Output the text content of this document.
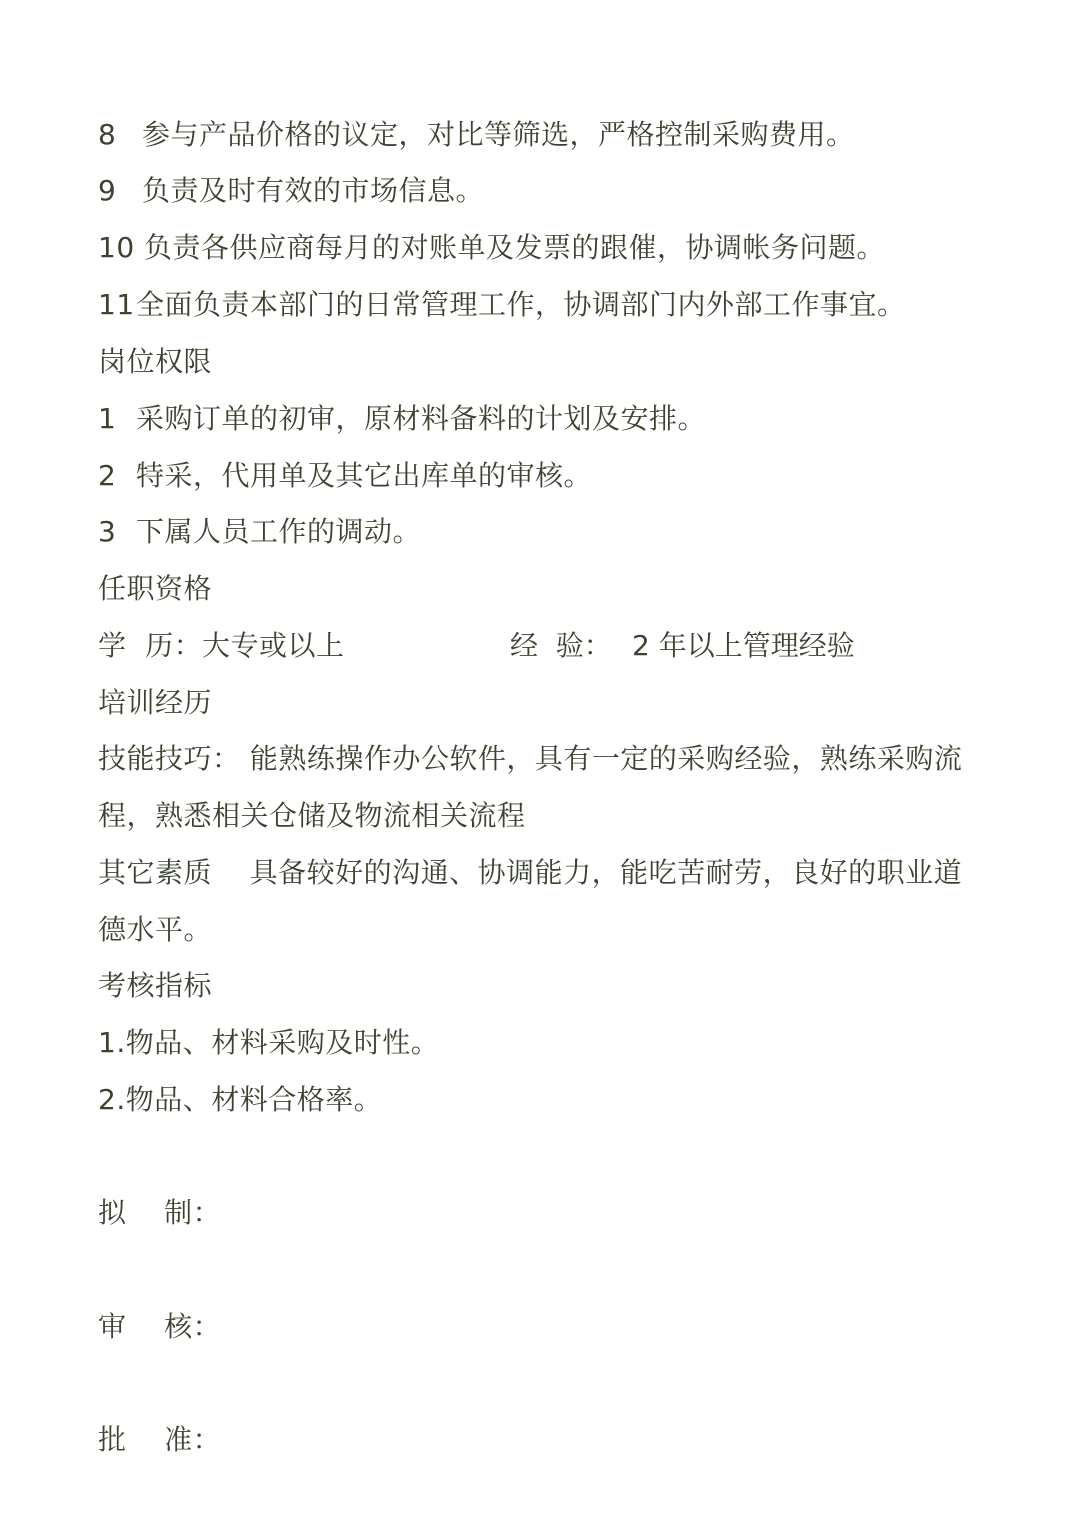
8 参与产品价格的议定，对比等筛选，严格控制采购费用。
9 负责及时有效的市场信息。
10 负责各供应商每月的对账单及发票的跟催，协调帐务问题。
11全面负责本部门的日常管理工作，协调部门内外部工作事宜。
岗位权限
1 采购订单的初审，原材料备料的计划及安排。
2 特采，代用单及其它出库单的审核。
3 下属人员工作的调动。
任职资格
学  历：大专或以上	经  验： 2 年以上管理经验
培训经历
技能技巧： 能熟练操作办公软件，具有一定的采购经验，熟练采购流
程，熟悉相关仓储及物流相关流程
其它素质    具备较好的沟通、协调能力，能吃苦耐劳，良好的职业道
德水平。
考核指标
1.物品、材料采购及时性。
2.物品、材料合格率。
拟    制：
审    核：
批    准：
